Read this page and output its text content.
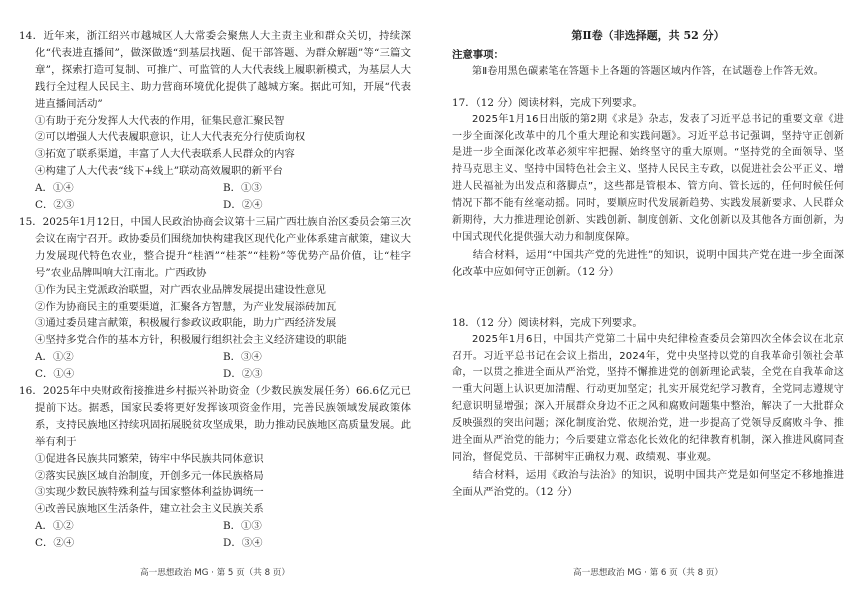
14．近年来，浙江绍兴市越城区人大常委会聚焦人大主责主业和群众关切，持续深化“代表进直播间”，做深做透“到基层找题、促干部答题、为群众解题”等“三篇文章”，探索打造可复制、可推广、可监管的人大代表线上履职新模式，为基层人大践行全过程人民民主、助力营商环境优化提供了越城方案。据此可知，开展“代表进直播间活动”

①有助于充分发挥人大代表的作用，征集民意汇聚民智

②可以增强人大代表履职意识，让人大代表充分行使质询权

③拓宽了联系渠道，丰富了人大代表联系人民群众的内容

④构建了人大代表“线下+线上”联动高效履职的新平台

A．①④	B．①③
C．②③	D．②④

15．2025年1月12日，中国人民政治协商会议第十三届广西壮族自治区委员会第三次会议在南宁召开。政协委员们围绕加快构建我区现代化产业体系建言献策，建议大力发展现代特色农业，整合提升“桂酒”“桂茶”“桂粉”等优势产品价值，让“桂字号”农业品牌叫响大江南北。广西政协

①作为民主党派政治联盟，对广西农业品牌发展提出建设性意见

②作为协商民主的重要渠道，汇聚各方智慧，为产业发展添砖加瓦

③通过委员建言献策，积极履行参政议政职能，助力广西经济发展

④坚持多党合作的基本方针，积极履行组织社会主义经济建设的职能

A．①②	B．③④
C．①④	D．②③

16．2025年中央财政衔接推进乡村振兴补助资金（少数民族发展任务）66.6亿元已提前下达。据悉，国家民委将更好发挥该项资金作用，完善民族领域发展政策体系，支持民族地区持续巩固拓展脱贫攻坚成果，助力推动民族地区高质量发展。此举有利于

①促进各民族共同繁荣，铸牢中华民族共同体意识

②落实民族区域自治制度，开创多元一体民族格局

③实现少数民族特殊利益与国家整体利益协调统一

④改善民族地区生活条件，建立社会主义民族关系

A．①②	B．①③
C．②④	D．③④
高一思想政治 MG · 第 5 页（共 8 页）

第Ⅱ卷（非选择题，共 52 分）

注意事项：

第Ⅱ卷用黑色碳素笔在答题卡上各题的答题区域内作答，在试题卷上作答无效。

17．（12 分）阅读材料，完成下列要求。

2025年1月16日出版的第2期《求是》杂志，发表了习近平总书记的重要文章《进一步全面深化改革中的几个重大理论和实践问题》。习近平总书记强调，坚持守正创新是进一步全面深化改革必须牢牢把握、始终坚守的重大原则。“坚持党的全面领导、坚持马克思主义、坚持中国特色社会主义、坚持人民民主专政，以促进社会公平正义、增进人民福祉为出发点和落脚点”，这些都是管根本、管方向、管长远的，任何时候任何情况下都不能有丝毫动摇。同时，要顺应时代发展新趋势、实践发展新要求、人民群众新期待，大力推进理论创新、实践创新、制度创新、文化创新以及其他各方面创新，为中国式现代化提供强大动力和制度保障。

结合材料，运用“中国共产党的先进性”的知识，说明中国共产党在进一步全面深化改革中应如何守正创新。（12 分）

18．（12 分）阅读材料，完成下列要求。

2025年1月6日，中国共产党第二十届中央纪律检查委员会第四次全体会议在北京召开。习近平总书记在会议上指出，2024年，党中央坚持以党的自我革命引领社会革命，一以贯之推进全面从严治党，坚持不懈推进党的创新理论武装，全党在自我革命这一重大问题上认识更加清醒、行动更加坚定；扎实开展党纪学习教育，全党同志遵规守纪意识明显增强；深入开展群众身边不正之风和腐败问题集中整治，解决了一大批群众反映强烈的突出问题；深化制度治党、依规治党，进一步提高了党领导反腐败斗争、推进全面从严治党的能力；今后要建立常态化长效化的纪律教育机制，深入推进风腐同查同治，督促党员、干部树牢正确权力观、政绩观、事业观。

结合材料，运用《政治与法治》的知识，说明中国共产党是如何坚定不移地推进全面从严治党的。（12 分）

高一思想政治 MG · 第 6 页（共 8 页）
